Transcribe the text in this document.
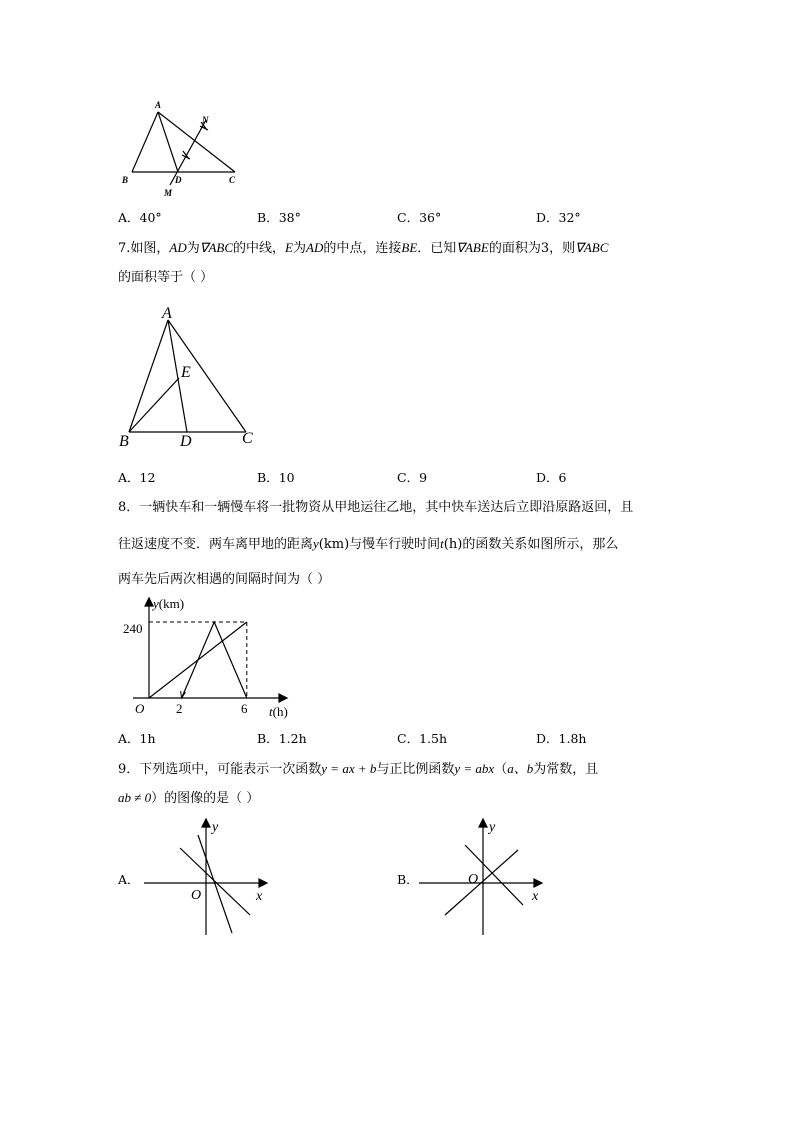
A
N
B	D
M
C
A．40°	B．38°	C．36°	D．32°
7.如图，AD为∇ABC的中线，E为AD的中点，连接BE．已知∇ABE的面积为3，则∇ABC
的面积等于（ ）
A
E
B	D	C
A．12	B．10	C．9	D．6
8．一辆快车和一辆慢车将一批物资从甲地运往乙地，其中快车送达后立即沿原路返回，且
往返速度不变．两车离甲地的距离y(km)与慢车行驶时间t(h)的函数关系如图所示，那么
两车先后两次相遇的间隔时间为（ ）
y(km)
t(h)
O
240
2	6
A．1h	B．1.2h	C．1.5h	D．1.8h
9．下列选项中，可能表示一次函数y = ax + b与正比例函数y = abx（a、b为常数，且
ab ≠ 0）的图像的是（ ）
A．
y
x
O
B．
y
x
O
